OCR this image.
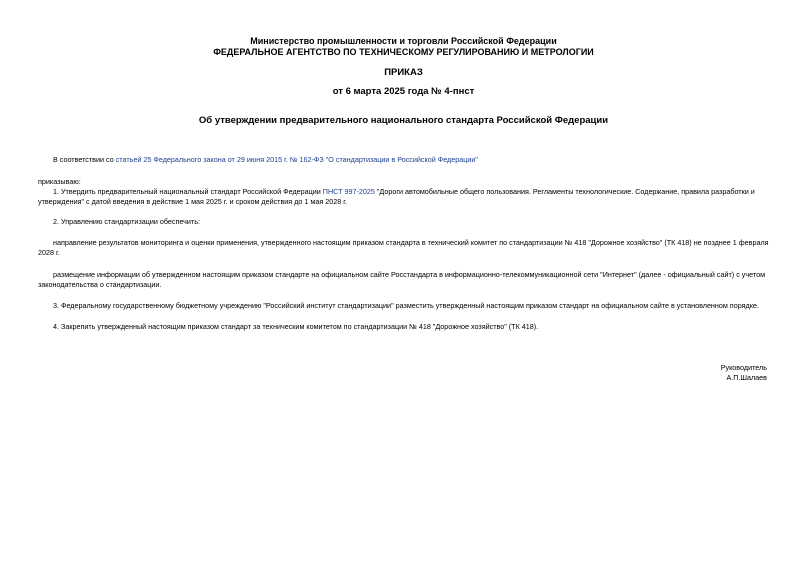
Министерство промышленности и торговли Российской Федерации
ФЕДЕРАЛЬНОЕ АГЕНТСТВО ПО ТЕХНИЧЕСКОМУ РЕГУЛИРОВАНИЮ И МЕТРОЛОГИИ
ПРИКАЗ
от 6 марта 2025 года № 4-пнст
Об утверждении предварительного национального стандарта Российской Федерации
В соответствии со статьей 25 Федерального закона от 29 июня 2015 г. № 162-ФЗ "О стандартизации в Российской Федерации"
приказываю:
1. Утвердить предварительный национальный стандарт Российской Федерации ПНСТ 997-2025 "Дороги автомобильные общего пользования. Регламенты технологические. Содержание, правила разработки и утверждения" с датой введения в действие 1 мая 2025 г. и сроком действия до 1 мая 2028 г.
2. Управлению стандартизации обеспечить:
направление результатов мониторинга и оценки применения, утвержденного настоящим приказом стандарта в технический комитет по стандартизации № 418 "Дорожное хозяйство" (ТК 418) не позднее 1 февраля 2028 г.
размещение информации об утвержденном настоящим приказом стандарте на официальном сайте Росстандарта в информационно-телекоммуникационной сети "Интернет" (далее - официальный сайт) с учетом законодательства о стандартизации.
3. Федеральному государственному бюджетному учреждению "Российский институт стандартизации" разместить утвержденный настоящим приказом стандарт на официальном сайте в установленном порядке.
4. Закрепить утвержденный настоящим приказом стандарт за техническим комитетом по стандартизации № 418 "Дорожное хозяйство" (ТК 418).
Руководитель
А.П.Шалаев
